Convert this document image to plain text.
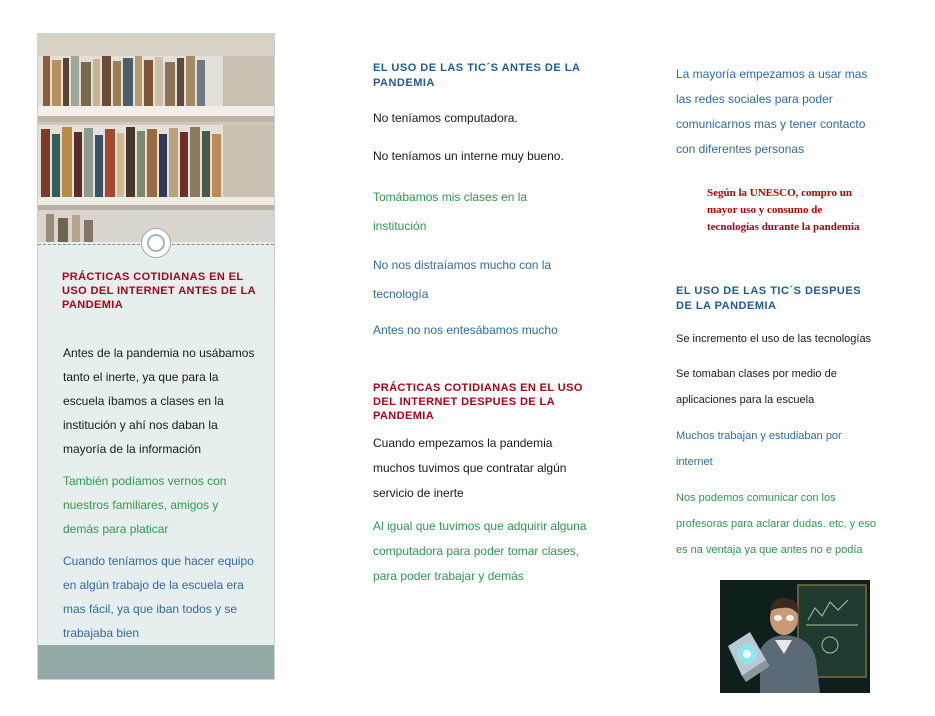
PRÁCTICAS COTIDIANAS EN EL USO DEL INTERNET ANTES DE LA PANDEMIA
Antes de la pandemia no usábamos tanto el inerte, ya que para la escuela íbamos a clases en la institución y ahí nos daban la mayoría de la información
También podíamos vernos con nuestros familiares, amigos y demás para platicar
Cuando teníamos que hacer equipo en algún trabajo de la escuela era mas fácil, ya que iban todos y se trabajaba bien
EL USO DE LAS TIC´S ANTES DE LA PANDEMIA
No teníamos computadora.
No teníamos un interne muy bueno.
Tomábamos mis clases en la institución
No nos distraíamos mucho con la tecnología
Antes no nos entesábamos mucho
PRÁCTICAS COTIDIANAS EN EL USO DEL INTERNET DESPUES DE LA PANDEMIA
Cuando empezamos la pandemia muchos tuvimos que contratar algún servicio de inerte
Al igual que tuvimos que adquirir alguna computadora para poder tomar clases, para poder trabajar y demás
La mayoría empezamos a usar mas las redes sociales para poder comunicarnos mas y tener contacto con diferentes personas
Según la UNESCO, compro un mayor uso y consumo de tecnologías durante la pandemia
EL USO DE LAS TIC´S DESPUES DE LA PANDEMIA
Se incremento el uso de las tecnologías
Se tomaban clases por medio de aplicaciones para la escuela
Muchos trabajan y estudiaban por internet
Nos podemos comunicar con los profesoras para aclarar dudas. etc, y eso es na ventaja ya que antes no e podía
